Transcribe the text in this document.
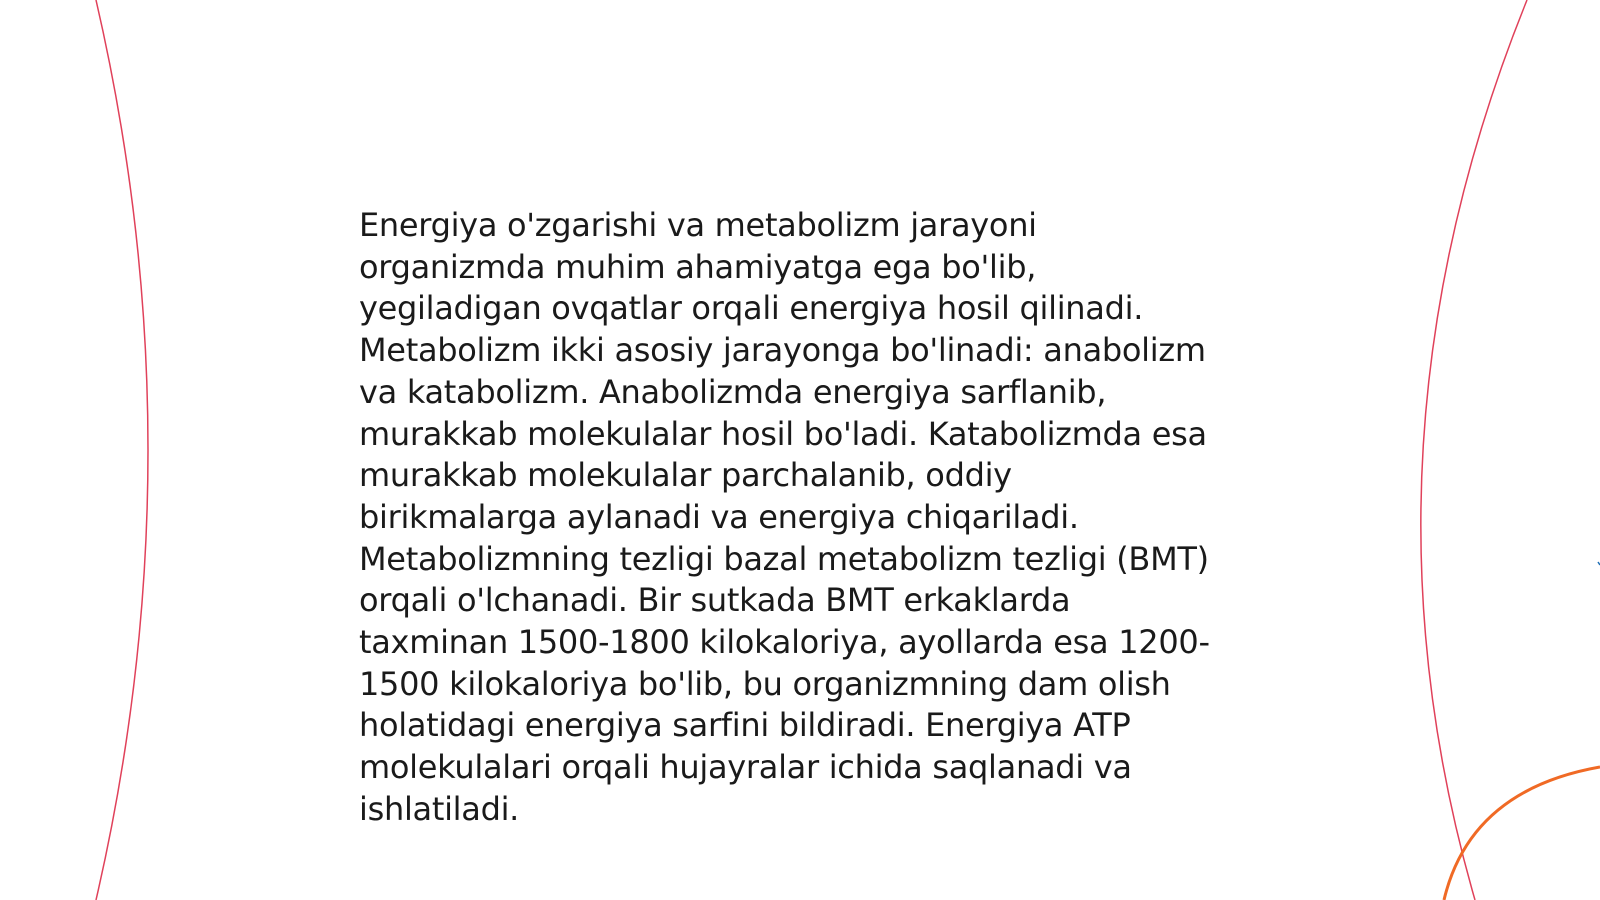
Energiya o'zgarishi va metabolizm jarayoni
organizmda muhim ahamiyatga ega bo'lib,
yegiladigan ovqatlar orqali energiya hosil qilinadi.
Metabolizm ikki asosiy jarayonga bo'linadi: anabolizm
va katabolizm. Anabolizmda energiya sarflanib,
murakkab molekulalar hosil bo'ladi. Katabolizmda esa
murakkab molekulalar parchalanib, oddiy
birikmalarga aylanadi va energiya chiqariladi.
Metabolizmning tezligi bazal metabolizm tezligi (BMT)
orqali o'lchanadi. Bir sutkada BMT erkaklarda
taxminan 1500-1800 kilokaloriya, ayollarda esa 1200-
1500 kilokaloriya bo'lib, bu organizmning dam olish
holatidagi energiya sarfini bildiradi. Energiya ATP
molekulalari orqali hujayralar ichida saqlanadi va
ishlatiladi.
